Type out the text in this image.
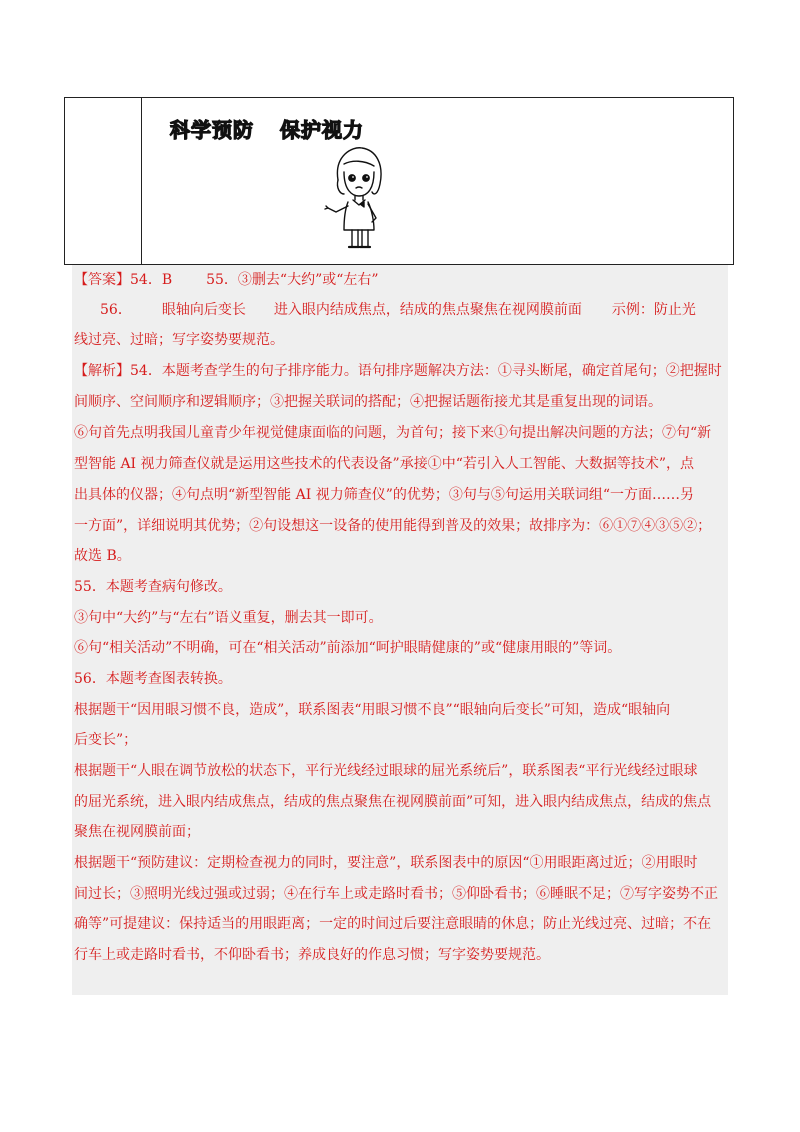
科学预防 保护视力
【答案】54．B 55．③删去“大约”或“左右”
56． 眼轴向后变长 进入眼内结成焦点，结成的焦点聚焦在视网膜前面 示例：防止光
线过亮、过暗；写字姿势要规范。
【解析】54．本题考查学生的句子排序能力。语句排序题解决方法：①寻头断尾，确定首尾句；②把握时
间顺序、空间顺序和逻辑顺序；③把握关联词的搭配；④把握话题衔接尤其是重复出现的词语。
⑥句首先点明我国儿童青少年视觉健康面临的问题，为首句；接下来①句提出解决问题的方法；⑦句“新
型智能 AI 视力筛查仪就是运用这些技术的代表设备”承接①中“若引入人工智能、大数据等技术”，点
出具体的仪器；④句点明“新型智能 AI 视力筛查仪”的优势；③句与⑤句运用关联词组“一方面……另
一方面”，详细说明其优势；②句设想这一设备的使用能得到普及的效果；故排序为：⑥①⑦④③⑤②；
故选 B。
55．本题考查病句修改。
③句中“大约”与“左右”语义重复，删去其一即可。
⑥句“相关活动”不明确，可在“相关活动”前添加“呵护眼睛健康的”或“健康用眼的”等词。
56．本题考查图表转换。
根据题干“因用眼习惯不良，造成”，联系图表“用眼习惯不良”“眼轴向后变长”可知，造成“眼轴向
后变长”；
根据题干“人眼在调节放松的状态下，平行光线经过眼球的屈光系统后”，联系图表“平行光线经过眼球
的屈光系统，进入眼内结成焦点，结成的焦点聚焦在视网膜前面”可知，进入眼内结成焦点，结成的焦点
聚焦在视网膜前面；
根据题干“预防建议：定期检查视力的同时，要注意”，联系图表中的原因“①用眼距离过近；②用眼时
间过长；③照明光线过强或过弱；④在行车上或走路时看书；⑤仰卧看书；⑥睡眠不足；⑦写字姿势不正
确等”可提建议：保持适当的用眼距离；一定的时间过后要注意眼睛的休息；防止光线过亮、过暗；不在
行车上或走路时看书，不仰卧看书；养成良好的作息习惯；写字姿势要规范。
